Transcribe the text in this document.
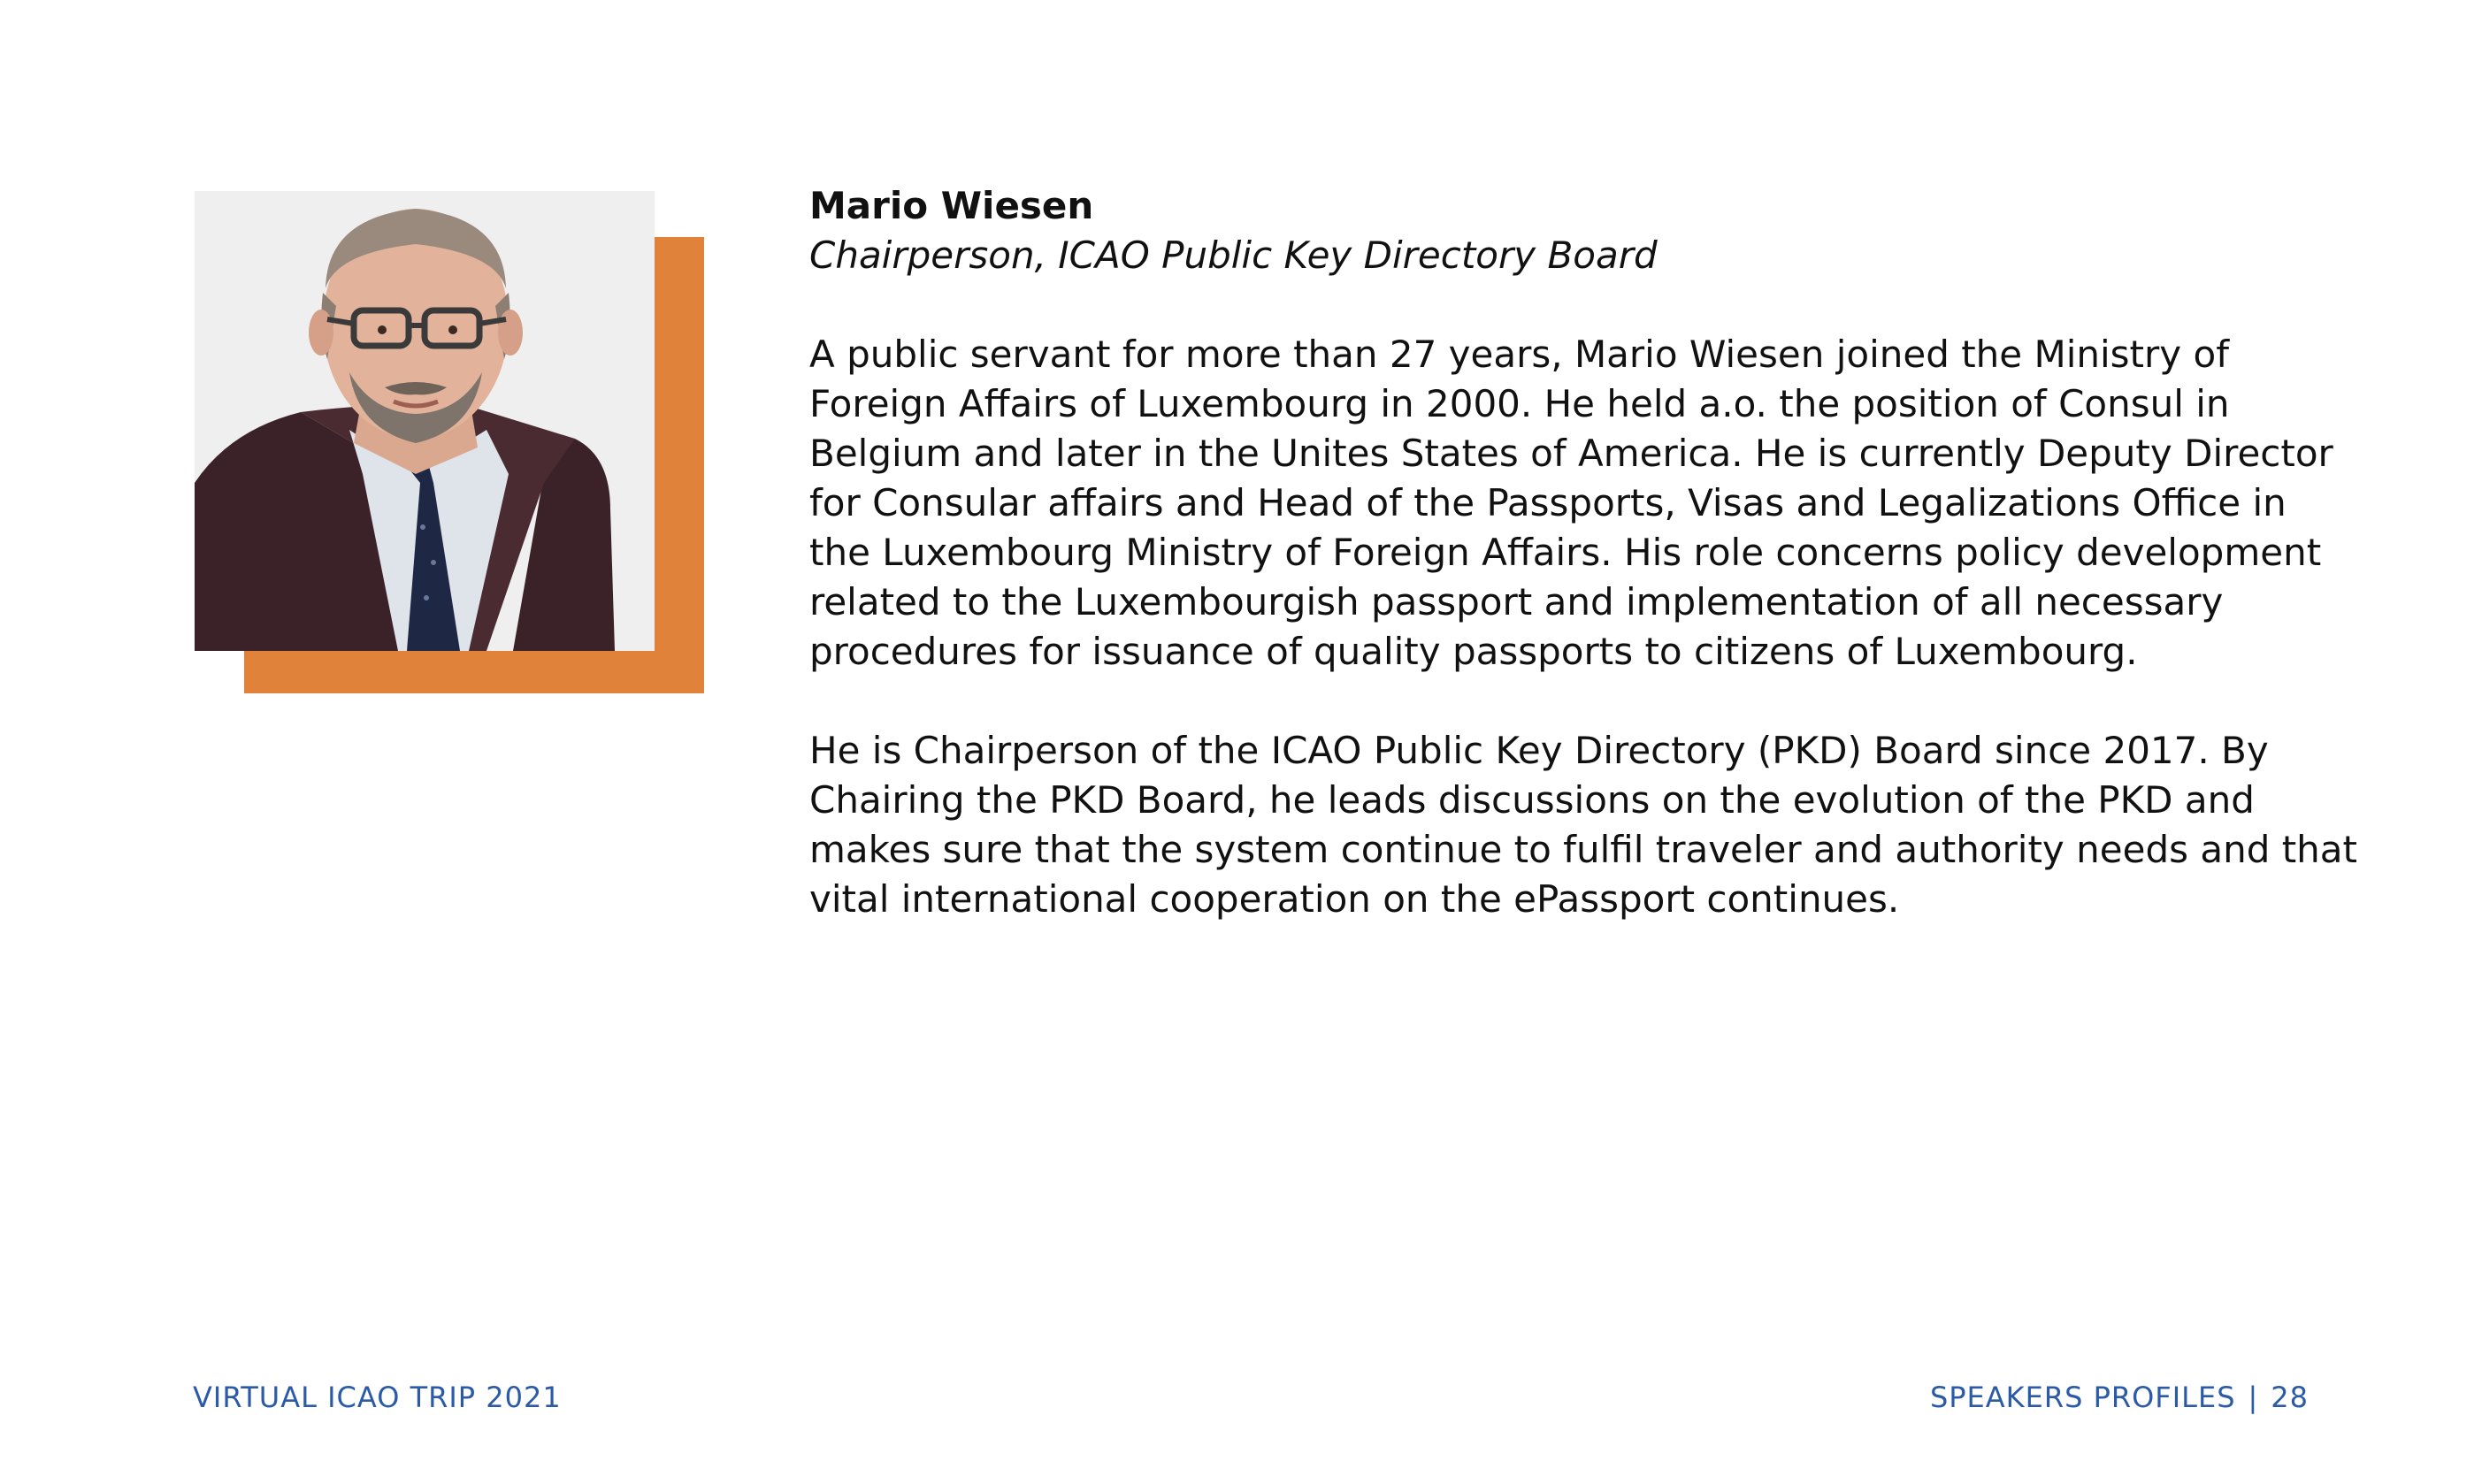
Mario Wiesen

Chairperson, ICAO Public Key Directory Board

A public servant for more than 27 years, Mario Wiesen joined the Ministry of
Foreign Affairs of Luxembourg in 2000. He held a.o. the position of Consul in
Belgium and later in the Unites States of America. He is currently Deputy Director
for Consular affairs and Head of the Passports, Visas and Legalizations Office in
the Luxembourg Ministry of Foreign Affairs. His role concerns policy development
related to the Luxembourgish passport and implementation of all necessary
procedures for issuance of quality passports to citizens of Luxembourg.

He is Chairperson of the ICAO Public Key Directory (PKD) Board since 2017. By
Chairing the PKD Board, he leads discussions on the evolution of the PKD and
makes sure that the system continue to fulfil traveler and authority needs and that
vital international cooperation on the ePassport continues.

VIRTUAL ICAO TRIP 2021	SPEAKERS PROFILES | 28
